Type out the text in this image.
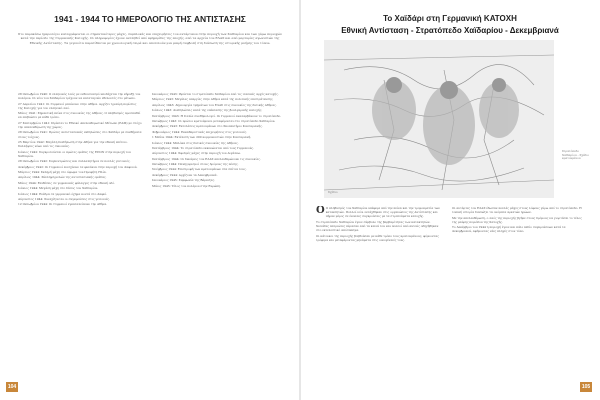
1941 - 1944 ΤΟ ΗΜΕΡΟΛΟΓΙΟ ΤΗΣ ΑΝΤΙΣΤΑΣΗΣ
Στο παρακάτω ημερολόγιο καταγράφονται οι σημαντικότερες μάχες, συμπλοκές και επιχειρήσεις του αντάρτικου στην περιοχή των Χαϊδαρίου και των γύρω περιοχών κατά την περίοδο της Γερμανικής Κατοχής. Οι πληροφορίες έχουν αντληθεί από εφημερίδες της εποχής, από τα αρχεία του ΕΛΑΣ και από μαρτυρίες αγωνιστών της Εθνικής Αντίστασης. Τα γεγονότα παρατίθενται με χρονολογική σειρά και αποτελούν μια μικρή συμβολή στη διάσωση της ιστορικής μνήμης του τόπου.

28 Οκτωβρίου 1940: Ο ελληνικός λαός με ενθουσιασμό υποδέχεται την κήρυξη του πολέμου. Οι νέοι του Χαϊδαρίου τρέχουν να καταταγούν εθελοντές στο μέτωπο.

27 Απριλίου 1941: Οι Γερμανοί μπαίνουν στην Αθήνα. Αρχίζει η μαύρη περίοδος της Κατοχής για τον ελληνικό λαό.

Μάιος 1941: Σημαντική πείνα στις συνοικίες της Αθήνας. Ο πληθυσμός προσπαθεί να επιβιώσει με κάθε τρόπο.

27 Σεπτεμβρίου 1941: Ιδρύεται το Εθνικό Απελευθερωτικό Μέτωπο (ΕΑΜ) με στόχο την απελευθέρωση της χώρας.

28 Οκτωβρίου 1941: Πρώτες αντιστασιακές εκδηλώσεις στο Χαϊδάρι με συνθήματα στους τοίχους.

25 Μαρτίου 1942: Μεγάλη διαδήλωση στην Αθήνα για την εθνική επέτειο. Συλλήψεις νέων από τις συνοικίες.

Ιούνιος 1942: Συγκροτούνται οι πρώτες ομάδες της ΕΠΟΝ στην περιοχή του Χαϊδαρίου.

28 Οκτωβρίου 1942: Συγκεντρώσεις και συλλαλητήρια σε πολλές γειτονιές.

Δεκέμβριος 1942: Οι Γερμανοί ενισχύουν τα φυλάκια στην περιοχή του Δαφνιού.

Μάρτιος 1944: Σκληρή μάχη στο ύψωμα του Προφήτη Ηλία.

Απρίλιος 1944: Σύλληψη μελών της αντιστασιακής ομάδας.

Μάιος 1944: Επιθέσεις σε γερμανικές φάλαγγες στην εθνική οδό.

Ιούνιος 1944: Μεγάλη μάχη στο δάσος του Χαϊδαρίου.

Ιούλιος 1944: Ενέδρα σε γερμανικό όχημα κοντά στο Δαφνί.

Αύγουστος 1944: Συνεχίζονται οι συγκρούσεις στις γειτονιές.

12 Οκτωβρίου 1944: Οι Γερμανοί εγκαταλείπουν την Αθήνα.

Ιανουάριος 1943: Ιδρύεται το στρατόπεδο Χαϊδαρίου από τις ιταλικές αρχές κατοχής.

Μάρτιος 1943: Μεγάλες απεργίες στην Αθήνα κατά της πολιτικής επιστράτευσης.

Απρίλιος 1943: Δημιουργία τμημάτων του ΕΛΑΣ στις συνοικίες της δυτικής Αθήνας.

Ιούλιος 1943: Διαδηλώσεις κατά της επέκτασης της βουλγαρικής κατοχής.

Σεπτέμβριος 1943: Η Ιταλία συνθηκολογεί. Οι Γερμανοί αναλαμβάνουν το στρατόπεδο.

Οκτώβριος 1943: Οι πρώτοι κρατούμενοι μεταφέρονται στο στρατόπεδο Χαϊδαρίου.

Δεκέμβριος 1943: Εκτελέσεις κρατουμένων στο Σκοπευτήριο Καισαριανής.

Φεβρουάριος 1944: Εκκαθαριστικές επιχειρήσεις στις γειτονιές.

1 Μαΐου 1944: Εκτέλεση των 200 κομμουνιστών στην Καισαριανή.

Ιούνιος 1944: Μπλόκα στις δυτικές συνοικίες της Αθήνας.

Σεπτέμβριος 1944: Το στρατόπεδο εκκενώνεται από τους Γερμανούς.

Αύγουστος 1944: Σφοδρές μάχες στην περιοχή του Αιγάλεω.

Σεπτέμβριος 1944: Οι δυνάμεις του ΕΛΑΣ απελευθερώνουν τις συνοικίες.

Οκτώβριος 1944: Πανηγυρισμοί στους δρόμους της πόλης.

Νοέμβριος 1944: Επιστροφή των κρατουμένων στα σπίτια τους.

Δεκέμβριος 1944: Αρχίζουν τα Δεκεμβριανά.

Ιανουάριος 1945: Συμφωνία της Βάρκιζας.

Μάιος 1945: Τέλος του πολέμου στην Ευρώπη.

104
Το Χαϊδάρι στη Γερμανική ΚΑΤΟΧΗ
Εθνική Αντίσταση - Στρατόπεδο Χαϊδαρίου - Δεκεμβριανά
Σχέδιο
Στρατόπεδο Χαϊδαρίου - Σχέδιο κρατουμένου
Ο Ο πληθυσμός του Χαϊδαρίου υπέφερε από την πείνα και την τρομοκρατία των κατακτητών. Πολλοί νέοι εντάχθηκαν στις οργανώσεις της Αντίστασης και πήραν μέρος σε ένοπλες συγκρούσεις με τα στρατεύματα κατοχής.

Το στρατόπεδο Χαϊδαρίου έγινε σύμβολο της βαρβαρότητας των κατακτητών. Χιλιάδες πατριώτες πέρασαν από τα κελιά του και πολλοί από αυτούς οδηγήθηκαν στο εκτελεστικό απόσπασμα.

Οι κάτοικοι της περιοχής βοηθούσαν με κάθε τρόπο τους κρατουμένους, φέρνοντας τρόφιμα και μεταφέροντας μηνύματα στις οικογένειές τους.

Οι αντάρτες του ΕΛΑΣ έδωσαν πολλές μάχες στους λόφους γύρω από το στρατόπεδο. Η τοπική ιστορία διασώζει τα ονόματα αρκετών ηρώων.

Με την απελευθέρωση, ο λαός της περιοχής βγήκε στους δρόμους να γιορτάσει το τέλος της μαύρης περιόδου της Κατοχής.

Το Δεκέμβριο του 1944 η περιοχή έγινε και πάλι πεδίο συγκρούσεων κατά τα Δεκεμβριανά, αφήνοντας νέες πληγές στον τόπο.

105
